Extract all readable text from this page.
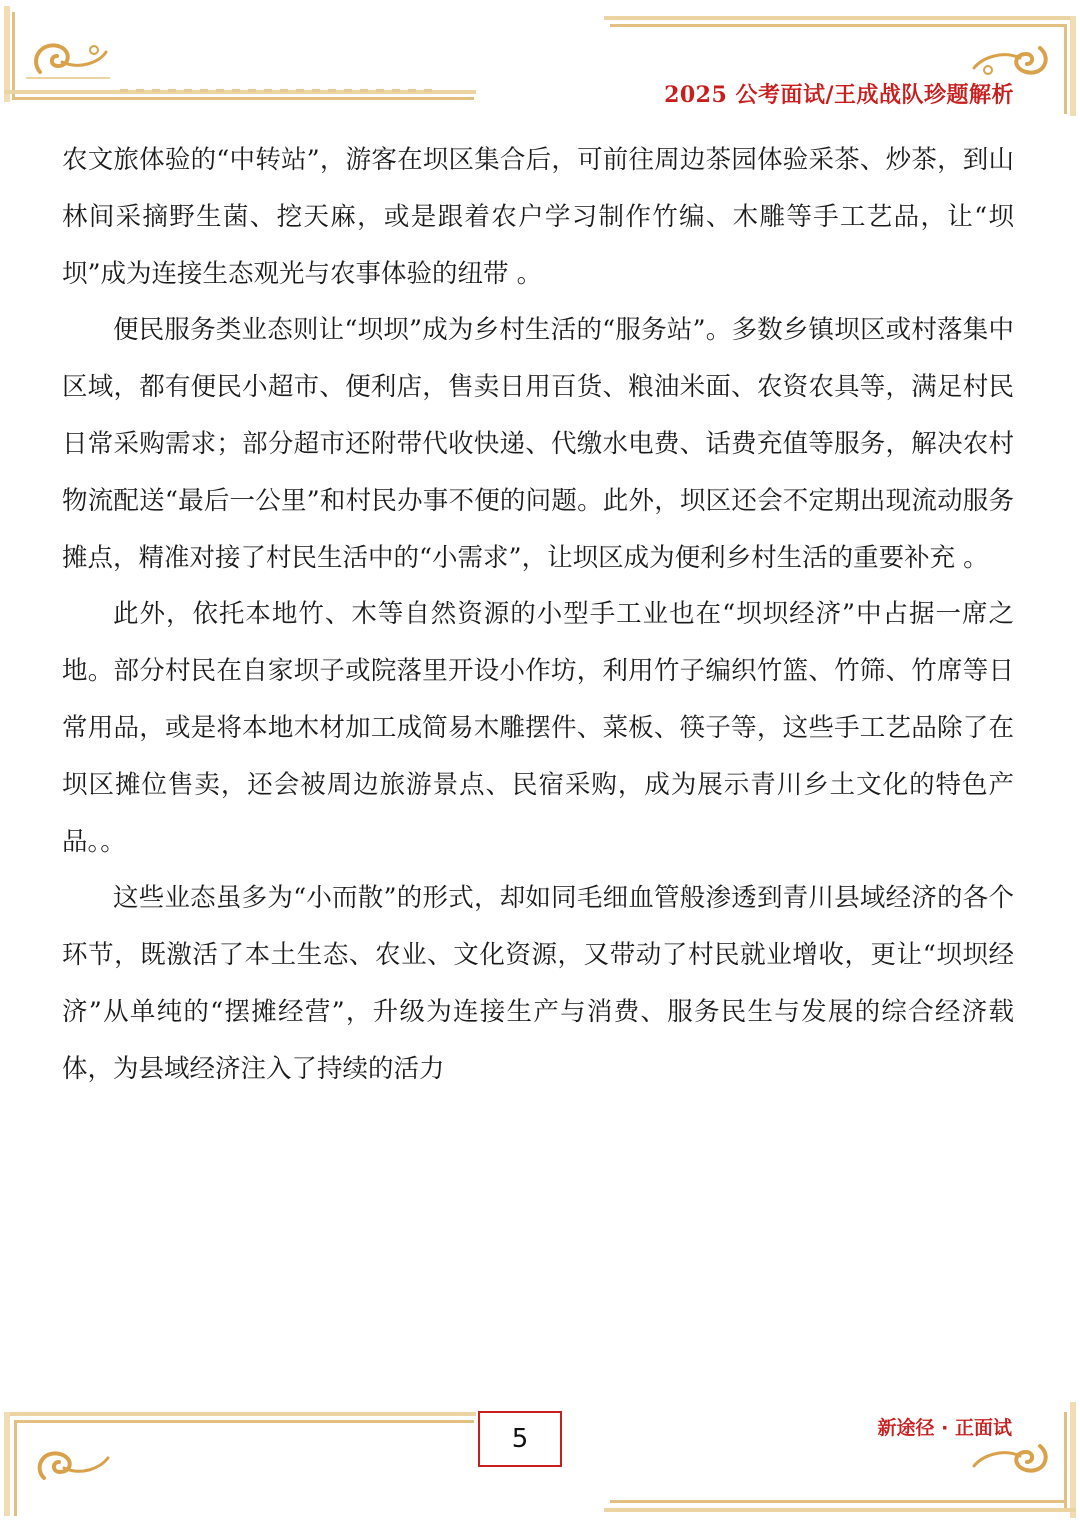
2025 公考面试/王成战队珍题解析

农文旅体验的“中转站”，游客在坝区集合后，可前往周边茶园体验采茶、炒茶，到山林间采摘野生菌、挖天麻，或是跟着农户学习制作竹编、木雕等手工艺品，让“坝坝”成为连接生态观光与农事体验的纽带 。

便民服务类业态则让“坝坝”成为乡村生活的“服务站”。多数乡镇坝区或村落集中区域，都有便民小超市、便利店，售卖日用百货、粮油米面、农资农具等，满足村民日常采购需求；部分超市还附带代收快递、代缴水电费、话费充值等服务，解决农村物流配送“最后一公里”和村民办事不便的问题。此外，坝区还会不定期出现流动服务摊点，精准对接了村民生活中的“小需求”，让坝区成为便利乡村生活的重要补充 。

此外，依托本地竹、木等自然资源的小型手工业也在“坝坝经济”中占据一席之地。部分村民在自家坝子或院落里开设小作坊，利用竹子编织竹篮、竹筛、竹席等日常用品，或是将本地木材加工成简易木雕摆件、菜板、筷子等，这些手工艺品除了在坝区摊位售卖，还会被周边旅游景点、民宿采购，成为展示青川乡土文化的特色产品。。

这些业态虽多为“小而散”的形式，却如同毛细血管般渗透到青川县域经济的各个环节，既激活了本土生态、农业、文化资源，又带动了村民就业增收，更让“坝坝经济”从单纯的“摆摊经营”，升级为连接生产与消费、服务民生与发展的综合经济载体，为县域经济注入了持续的活力

5	新途径 · 正面试
